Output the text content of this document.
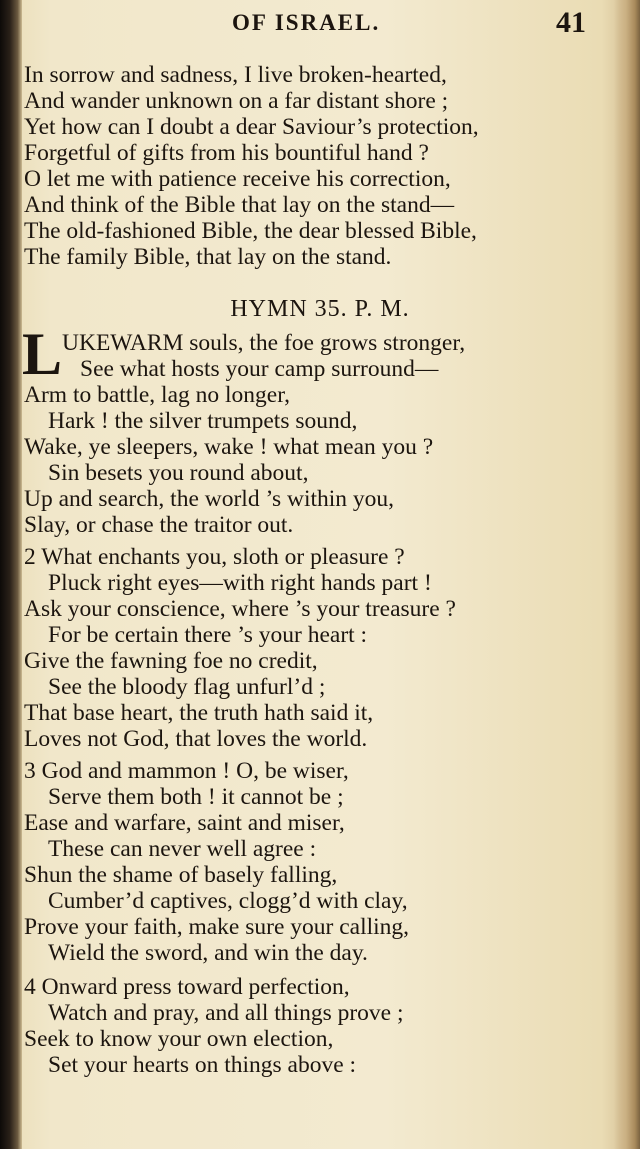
OF ISRAEL.	41
In sorrow and sadness, I live broken-hearted,
And wander unknown on a far distant shore ;
Yet how can I doubt a dear Saviour’s protection,
Forgetful of gifts from his bountiful hand ?
O let me with patience receive his correction,
And think of the Bible that lay on the stand—
The old-fashioned Bible, the dear blessed Bible,
The family Bible, that lay on the stand.
HYMN 35. P. M.
L UKEWARM souls, the foe grows stronger,
See what hosts your camp surround—
Arm to battle, lag no longer,
Hark ! the silver trumpets sound,
Wake, ye sleepers, wake ! what mean you ?
Sin besets you round about,
Up and search, the world ’s within you,
Slay, or chase the traitor out.
2 What enchants you, sloth or pleasure ?
Pluck right eyes—with right hands part !
Ask your conscience, where ’s your treasure ?
For be certain there ’s your heart :
Give the fawning foe no credit,
See the bloody flag unfurl’d ;
That base heart, the truth hath said it,
Loves not God, that loves the world.
3 God and mammon ! O, be wiser,
Serve them both ! it cannot be ;
Ease and warfare, saint and miser,
These can never well agree :
Shun the shame of basely falling,
Cumber’d captives, clogg’d with clay,
Prove your faith, make sure your calling,
Wield the sword, and win the day.
4 Onward press toward perfection,
Watch and pray, and all things prove ;
Seek to know your own election,
Set your hearts on things above :
